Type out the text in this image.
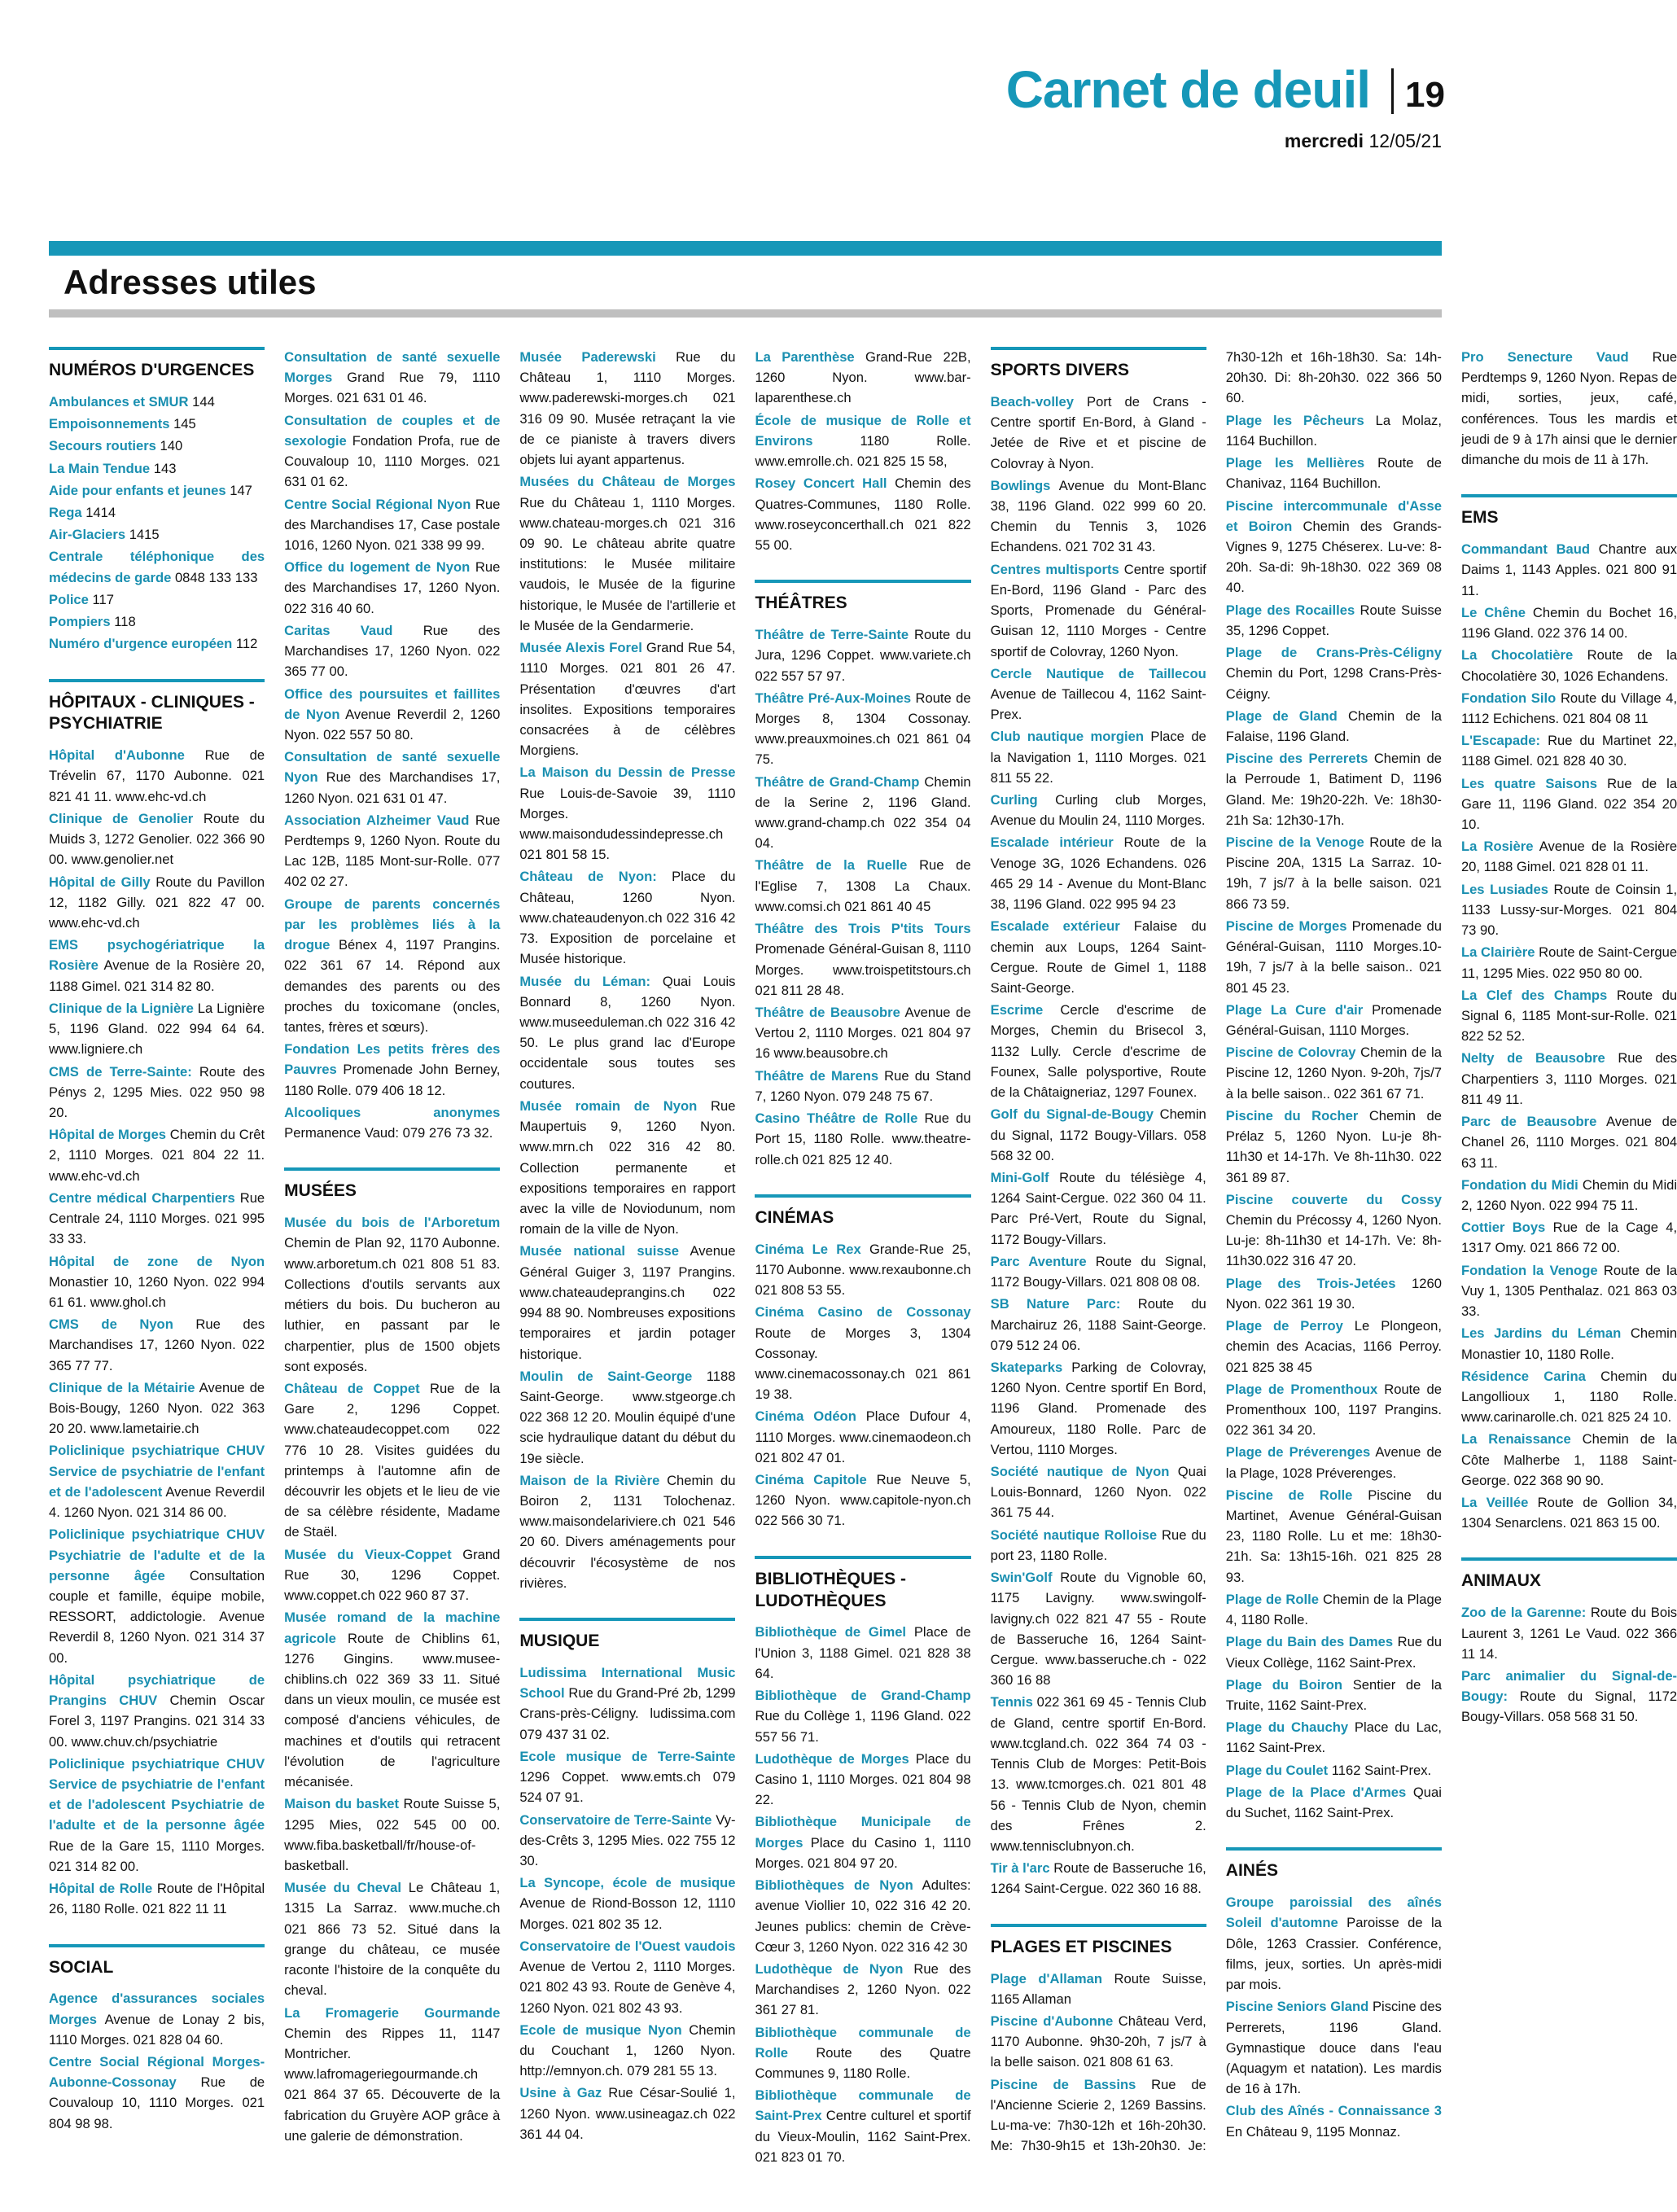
Carnet de deuil 19
mercredi 12/05/21
Adresses utiles
NUMÉROS D'URGENCES
Ambulances et SMUR 144
Empoisonnements 145
Secours routiers 140
La Main Tendue 143
Aide pour enfants et jeunes 147
Rega 1414
Air-Glaciers 1415
Centrale téléphonique des médecins de garde 0848 133 133
Police 117
Pompiers 118
Numéro d'urgence européen 112
HÔPITAUX - CLINIQUES - PSYCHIATRIE
Hôpital d'Aubonne Rue de Trévelin 67, 1170 Aubonne. 021 821 41 11. www.ehc-vd.ch
Clinique de Genolier Route du Muids 3, 1272 Genolier. 022 366 90 00. www.genolier.net
Hôpital de Gilly Route du Pavillon 12, 1182 Gilly. 021 822 47 00. www.ehc-vd.ch
EMS psychogériatrique la Rosière Avenue de la Rosière 20, 1188 Gimel. 021 314 82 80.
Clinique de la Lignière La Lignière 5, 1196 Gland. 022 994 64 64. www.ligniere.ch
CMS de Terre-Sainte: Route des Pénys 2, 1295 Mies. 022 950 98 20.
Hôpital de Morges Chemin du Crêt 2, 1110 Morges. 021 804 22 11. www.ehc-vd.ch
Centre médical Charpentiers Rue Centrale 24, 1110 Morges. 021 995 33 33.
Hôpital de zone de Nyon Monastier 10, 1260 Nyon. 022 994 61 61. www.ghol.ch
CMS de Nyon Rue des Marchandises 17, 1260 Nyon. 022 365 77 77.
Clinique de la Métairie Avenue de Bois-Bougy, 1260 Nyon. 022 363 20 20. www.lametairie.ch
Policlinique psychiatrique CHUV Service de psychiatrie de l'enfant et de l'adolescent Avenue Reverdil 4. 1260 Nyon. 021 314 86 00.
Policlinique psychiatrique CHUV Psychiatrie de l'adulte et de la personne âgée Consultation couple et famille, équipe mobile, RESSORT, addictologie. Avenue Reverdil 8, 1260 Nyon. 021 314 37 00.
Hôpital psychiatrique de Prangins CHUV Chemin Oscar Forel 3, 1197 Prangins. 021 314 33 00. www.chuv.ch/psychiatrie
Policlinique psychiatrique CHUV Service de psychiatrie de l'enfant et de l'adolescent Psychiatrie de l'adulte et de la personne âgée Rue de la Gare 15, 1110 Morges. 021 314 82 00.
Hôpital de Rolle Route de l'Hôpital 26, 1180 Rolle. 021 822 11 11
SOCIAL
Agence d'assurances sociales Morges Avenue de Lonay 2 bis, 1110 Morges. 021 828 04 60.
Centre Social Régional Morges-Aubonne-Cossonay Rue de Couvaloup 10, 1110 Morges. 021 804 98 98.
Consultation de santé sexuelle Morges Grand Rue 79, 1110 Morges. 021 631 01 46.
Consultation de couples et de sexologie Fondation Profa, rue de Couvaloup 10, 1110 Morges. 021 631 01 62.
Centre Social Régional Nyon Rue des Marchandises 17, Case postale 1016, 1260 Nyon. 021 338 99 99.
Office du logement de Nyon Rue des Marchandises 17, 1260 Nyon. 022 316 40 60.
Caritas Vaud Rue des Marchandises 17, 1260 Nyon. 022 365 77 00.
Office des poursuites et faillites de Nyon Avenue Reverdil 2, 1260 Nyon. 022 557 50 80.
Consultation de santé sexuelle Nyon Rue des Marchandises 17, 1260 Nyon. 021 631 01 47.
Association Alzheimer Vaud Rue Perdtemps 9, 1260 Nyon. Route du Lac 12B, 1185 Mont-sur-Rolle. 077 402 02 27.
Groupe de parents concernés par les problèmes liés à la drogue Bénex 4, 1197 Prangins. 022 361 67 14. Répond aux demandes des parents ou des proches du toxicomane (oncles, tantes, frères et sœurs).
Fondation Les petits frères des Pauvres Promenade John Berney, 1180 Rolle. 079 406 18 12.
Alcooliques anonymes Permanence Vaud: 079 276 73 32.
MUSÉES
Musée du bois de l'Arboretum Chemin de Plan 92, 1170 Aubonne. www.arboretum.ch 021 808 51 83. Collections d'outils servants aux métiers du bois. Du bucheron au luthier, en passant par le charpentier, plus de 1500 objets sont exposés.
Château de Coppet Rue de la Gare 2, 1296 Coppet. www.chateaudecoppet.com 022 776 10 28. Visites guidées du printemps à l'automne afin de découvrir les objets et le lieu de vie de sa célèbre résidente, Madame de Staël.
Musée du Vieux-Coppet Grand Rue 30, 1296 Coppet. www.coppet.ch 022 960 87 37.
Musée romand de la machine agricole Route de Chiblins 61, 1276 Gingins. www.musee-chiblins.ch 022 369 33 11. Situé dans un vieux moulin, ce musée est composé d'anciens véhicules, de machines et d'outils qui retracent l'évolution de l'agriculture mécanisée.
Maison du basket Route Suisse 5, 1295 Mies, 022 545 00 00. www.fiba.basketball/fr/house-of-basketball.
Musée du Cheval Le Château 1, 1315 La Sarraz. www.muche.ch 021 866 73 52. Situé dans la grange du château, ce musée raconte l'histoire de la conquête du cheval.
La Fromagerie Gourmande Chemin des Rippes 11, 1147 Montricher. www.lafromageriegourmande.ch 021 864 37 65. Découverte de la fabrication du Gruyère AOP grâce à une galerie de démonstration.
Musée Paderewski Rue du Château 1, 1110 Morges. www.paderewski-morges.ch 021 316 09 90. Musée retraçant la vie de ce pianiste à travers divers objets lui ayant appartenus.
Musées du Château de Morges Rue du Château 1, 1110 Morges. www.chateau-morges.ch 021 316 09 90. Le château abrite quatre institutions: le Musée militaire vaudois, le Musée de la figurine historique, le Musée de l'artillerie et le Musée de la Gendarmerie.
Musée Alexis Forel Grand Rue 54, 1110 Morges. 021 801 26 47. Présentation d'œuvres d'art insolites. Expositions temporaires consacrées à de célèbres Morgiens.
La Maison du Dessin de Presse Rue Louis-de-Savoie 39, 1110 Morges. www.maisondudessindepresse.ch 021 801 58 15.
Château de Nyon: Place du Château, 1260 Nyon. www.chateaudenyon.ch 022 316 42 73. Exposition de porcelaine et Musée historique.
Musée du Léman: Quai Louis Bonnard 8, 1260 Nyon. www.museeduleman.ch 022 316 42 50. Le plus grand lac d'Europe occidentale sous toutes ses coutures.
Musée romain de Nyon Rue Maupertuis 9, 1260 Nyon. www.mrn.ch 022 316 42 80. Collection permanente et expositions temporaires en rapport avec la ville de Noviodunum, nom romain de la ville de Nyon.
Musée national suisse Avenue Général Guiger 3, 1197 Prangins. www.chateaudeprangins.ch 022 994 88 90. Nombreuses expositions temporaires et jardin potager historique.
Moulin de Saint-George 1188 Saint-George. www.stgeorge.ch 022 368 12 20. Moulin équipé d'une scie hydraulique datant du début du 19e siècle.
Maison de la Rivière Chemin du Boiron 2, 1131 Tolochenaz. www.maisondelariviere.ch 021 546 20 60. Divers aménagements pour découvrir l'écosystème de nos rivières.
MUSIQUE
Ludissima International Music School Rue du Grand-Pré 2b, 1299 Crans-près-Céligny. ludissima.com 079 437 31 02.
Ecole musique de Terre-Sainte 1296 Coppet. www.emts.ch 079 524 07 91.
Conservatoire de Terre-Sainte Vy-des-Crêts 3, 1295 Mies. 022 755 12 30.
La Syncope, école de musique Avenue de Riond-Bosson 12, 1110 Morges. 021 802 35 12.
Conservatoire de l'Ouest vaudois Avenue de Vertou 2, 1110 Morges. 021 802 43 93. Route de Genève 4, 1260 Nyon. 021 802 43 93.
Ecole de musique Nyon Chemin du Couchant 1, 1260 Nyon. http://emnyon.ch. 079 281 55 13.
Usine à Gaz Rue César-Soulié 1, 1260 Nyon. www.usineagaz.ch 022 361 44 04.
La Parenthèse Grand-Rue 22B, 1260 Nyon. www.bar-laparenthese.ch
École de musique de Rolle et Environs 1180 Rolle. www.emrolle.ch. 021 825 15 58,
Rosey Concert Hall Chemin des Quatres-Communes, 1180 Rolle. www.roseyconcerthall.ch 021 822 55 00.
THÉÂTRES
Théâtre de Terre-Sainte Route du Jura, 1296 Coppet. www.variete.ch 022 557 57 97.
Théâtre Pré-Aux-Moines Route de Morges 8, 1304 Cossonay. www.preauxmoines.ch 021 861 04 75.
Théâtre de Grand-Champ Chemin de la Serine 2, 1196 Gland. www.grand-champ.ch 022 354 04 04.
Théâtre de la Ruelle Rue de l'Eglise 7, 1308 La Chaux. www.comsi.ch 021 861 40 45
Théâtre des Trois P'tits Tours Promenade Général-Guisan 8, 1110 Morges. www.troispetitstours.ch 021 811 28 48.
Théâtre de Beausobre Avenue de Vertou 2, 1110 Morges. 021 804 97 16 www.beausobre.ch
Théâtre de Marens Rue du Stand 7, 1260 Nyon. 079 248 75 67.
Casino Théâtre de Rolle Rue du Port 15, 1180 Rolle. www.theatre-rolle.ch 021 825 12 40.
CINÉMAS
Cinéma Le Rex Grande-Rue 25, 1170 Aubonne. www.rexaubonne.ch 021 808 53 55.
Cinéma Casino de Cossonay Route de Morges 3, 1304 Cossonay. www.cinemacossonay.ch 021 861 19 38.
Cinéma Odéon Place Dufour 4, 1110 Morges. www.cinemaodeon.ch 021 802 47 01.
Cinéma Capitole Rue Neuve 5, 1260 Nyon. www.capitole-nyon.ch 022 566 30 71.
BIBLIOTHÈQUES - LUDOTHÈQUES
Bibliothèque de Gimel Place de l'Union 3, 1188 Gimel. 021 828 38 64.
Bibliothèque de Grand-Champ Rue du Collège 1, 1196 Gland. 022 557 56 71.
Ludothèque de Morges Place du Casino 1, 1110 Morges. 021 804 98 22.
Bibliothèque Municipale de Morges Place du Casino 1, 1110 Morges. 021 804 97 20.
Bibliothèques de Nyon Adultes: avenue Viollier 10, 022 316 42 20. Jeunes publics: chemin de Crève-Cœur 3, 1260 Nyon. 022 316 42 30
Ludothèque de Nyon Rue des Marchandises 2, 1260 Nyon. 022 361 27 81.
Bibliothèque communale de Rolle Route des Quatre Communes 9, 1180 Rolle.
Bibliothèque communale de Saint-Prex Centre culturel et sportif du Vieux-Moulin, 1162 Saint-Prex. 021 823 01 70.
SPORTS DIVERS
Beach-volley Port de Crans - Centre sportif En-Bord, à Gland - Jetée de Rive et et piscine de Colovray à Nyon.
Bowlings Avenue du Mont-Blanc 38, 1196 Gland. 022 999 60 20. Chemin du Tennis 3, 1026 Echandens. 021 702 31 43.
Centres multisports Centre sportif En-Bord, 1196 Gland - Parc des Sports, Promenade du Général-Guisan 12, 1110 Morges - Centre sportif de Colovray, 1260 Nyon.
Cercle Nautique de Taillecou Avenue de Taillecou 4, 1162 Saint-Prex.
Club nautique morgien Place de la Navigation 1, 1110 Morges. 021 811 55 22.
Curling Curling club Morges, Avenue du Moulin 24, 1110 Morges.
Escalade intérieur Route de la Venoge 3G, 1026 Echandens. 026 465 29 14 - Avenue du Mont-Blanc 38, 1196 Gland. 022 995 94 23
Escalade extérieur Falaise du chemin aux Loups, 1264 Saint-Cergue. Route de Gimel 1, 1188 Saint-George.
Escrime Cercle d'escrime de Morges, Chemin du Brisecol 3, 1132 Lully. Cercle d'escrime de Founex, Salle polysportive, Route de la Châtaigneriaz, 1297 Founex.
Golf du Signal-de-Bougy Chemin du Signal, 1172 Bougy-Villars. 058 568 32 00.
Mini-Golf Route du télésiège 4, 1264 Saint-Cergue. 022 360 04 11. Parc Pré-Vert, Route du Signal, 1172 Bougy-Villars.
Parc Aventure Route du Signal, 1172 Bougy-Villars. 021 808 08 08.
SB Nature Parc: Route du Marchairuz 26, 1188 Saint-George. 079 512 24 06.
Skateparks Parking de Colovray, 1260 Nyon. Centre sportif En Bord, 1196 Gland. Promenade des Amoureux, 1180 Rolle. Parc de Vertou, 1110 Morges.
Société nautique de Nyon Quai Louis-Bonnard, 1260 Nyon. 022 361 75 44.
Société nautique Rolloise Rue du port 23, 1180 Rolle.
Swin'Golf Route du Vignoble 60, 1175 Lavigny. www.swingolf-lavigny.ch 022 821 47 55 - Route de Basseruche 16, 1264 Saint-Cergue. www.basseruche.ch - 022 360 16 88
Tennis 022 361 69 45 - Tennis Club de Gland, centre sportif En-Bord. www.tcgland.ch. 022 364 74 03 - Tennis Club de Morges: Petit-Bois 13. www.tcmorges.ch. 021 801 48 56 - Tennis Club de Nyon, chemin des Frênes 2. www.tennisclubnyon.ch.
Tir à l'arc Route de Basseruche 16, 1264 Saint-Cergue. 022 360 16 88.
PLAGES ET PISCINES
Plage d'Allaman Route Suisse, 1165 Allaman
Piscine d'Aubonne Château Verd, 1170 Aubonne. 9h30-20h, 7 js/7 à la belle saison. 021 808 61 63.
Piscine de Bassins Rue de l'Ancienne Scierie 2, 1269 Bassins. Lu-ma-ve: 7h30-12h et 16h-20h30. Me: 7h30-9h15 et 13h-20h30. Je: 7h30-12h et 16h-18h30. Sa: 14h-20h30. Di: 8h-20h30. 022 366 50 60.
Plage les Pêcheurs La Molaz, 1164 Buchillon.
Plage les Mellières Route de Chanivaz, 1164 Buchillon.
Piscine intercommunale d'Asse et Boiron Chemin des Grands-Vignes 9, 1275 Chéserex. Lu-ve: 8-20h. Sa-di: 9h-18h30. 022 369 08 40.
Plage des Rocailles Route Suisse 35, 1296 Coppet.
Plage de Crans-Près-Céligny Chemin du Port, 1298 Crans-Près-Céigny.
Plage de Gland Chemin de la Falaise, 1196 Gland.
Piscine des Perrerets Chemin de la Perroude 1, Batiment D, 1196 Gland. Me: 19h20-22h. Ve: 18h30-21h Sa: 12h30-17h.
Piscine de la Venoge Route de la Piscine 20A, 1315 La Sarraz. 10-19h, 7 js/7 à la belle saison. 021 866 73 59.
Piscine de Morges Promenade du Général-Guisan, 1110 Morges.10-19h, 7 js/7 à la belle saison.. 021 801 45 23.
Plage La Cure d'air Promenade Général-Guisan, 1110 Morges.
Piscine de Colovray Chemin de la Piscine 12, 1260 Nyon. 9-20h, 7js/7 à la belle saison.. 022 361 67 71.
Piscine du Rocher Chemin de Prélaz 5, 1260 Nyon. Lu-je 8h-11h30 et 14-17h. Ve 8h-11h30. 022 361 89 87.
Piscine couverte du Cossy Chemin du Précossy 4, 1260 Nyon. Lu-je: 8h-11h30 et 14-17h. Ve: 8h-11h30.022 316 47 20.
Plage des Trois-Jetées 1260 Nyon. 022 361 19 30.
Plage de Perroy Le Plongeon, chemin des Acacias, 1166 Perroy. 021 825 38 45
Plage de Promenthoux Route de Promenthoux 100, 1197 Prangins. 022 361 34 20.
Plage de Préverenges Avenue de la Plage, 1028 Préverenges.
Piscine de Rolle Piscine du Martinet, Avenue Général-Guisan 23, 1180 Rolle. Lu et me: 18h30-21h. Sa: 13h15-16h. 021 825 28 93.
Plage de Rolle Chemin de la Plage 4, 1180 Rolle.
Plage du Bain des Dames Rue du Vieux Collège, 1162 Saint-Prex.
Plage du Boiron Sentier de la Truite, 1162 Saint-Prex.
Plage du Chauchy Place du Lac, 1162 Saint-Prex.
Plage du Coulet 1162 Saint-Prex.
Plage de la Place d'Armes Quai du Suchet, 1162 Saint-Prex.
AINÉS
Groupe paroissial des aînés Soleil d'automne Paroisse de la Dôle, 1263 Crassier. Conférence, films, jeux, sorties. Un après-midi par mois.
Piscine Seniors Gland Piscine des Perrerets, 1196 Gland. Gymnastique douce dans l'eau (Aquagym et natation). Les mardis de 16 à 17h.
Club des Aînés - Connaissance 3 En Château 9, 1195 Monnaz.
Pro Senecture Vaud Rue Perdtemps 9, 1260 Nyon. Repas de midi, sorties, jeux, café, conférences. Tous les mardis et jeudi de 9 à 17h ainsi que le dernier dimanche du mois de 11 à 17h.
EMS
Commandant Baud Chantre aux Daims 1, 1143 Apples. 021 800 91 11.
Le Chêne Chemin du Bochet 16, 1196 Gland. 022 376 14 00.
La Chocolatière Route de la Chocolatière 30, 1026 Echandens.
Fondation Silo Route du Village 4, 1112 Echichens. 021 804 08 11
L'Escapade: Rue du Martinet 22, 1188 Gimel. 021 828 40 30.
Les quatre Saisons Rue de la Gare 11, 1196 Gland. 022 354 20 10.
La Rosière Avenue de la Rosière 20, 1188 Gimel. 021 828 01 11.
Les Lusiades Route de Coinsin 1, 1133 Lussy-sur-Morges. 021 804 73 90.
La Clairière Route de Saint-Cergue 11, 1295 Mies. 022 950 80 00.
La Clef des Champs Route du Signal 6, 1185 Mont-sur-Rolle. 021 822 52 52.
Nelty de Beausobre Rue des Charpentiers 3, 1110 Morges. 021 811 49 11.
Parc de Beausobre Avenue de Chanel 26, 1110 Morges. 021 804 63 11.
Fondation du Midi Chemin du Midi 2, 1260 Nyon. 022 994 75 11.
Cottier Boys Rue de la Cage 4, 1317 Omy. 021 866 72 00.
Fondation la Venoge Route de la Vuy 1, 1305 Penthalaz. 021 863 03 33.
Les Jardins du Léman Chemin Monastier 10, 1180 Rolle.
Résidence Carina Chemin du Langollioux 1, 1180 Rolle. www.carinarolle.ch. 021 825 24 10.
La Renaissance Chemin de la Côte Malherbe 1, 1188 Saint-George. 022 368 90 90.
La Veillée Route de Gollion 34, 1304 Senarclens. 021 863 15 00.
ANIMAUX
Zoo de la Garenne: Route du Bois Laurent 3, 1261 Le Vaud. 022 366 11 14.
Parc animalier du Signal-de-Bougy: Route du Signal, 1172 Bougy-Villars. 058 568 31 50.
